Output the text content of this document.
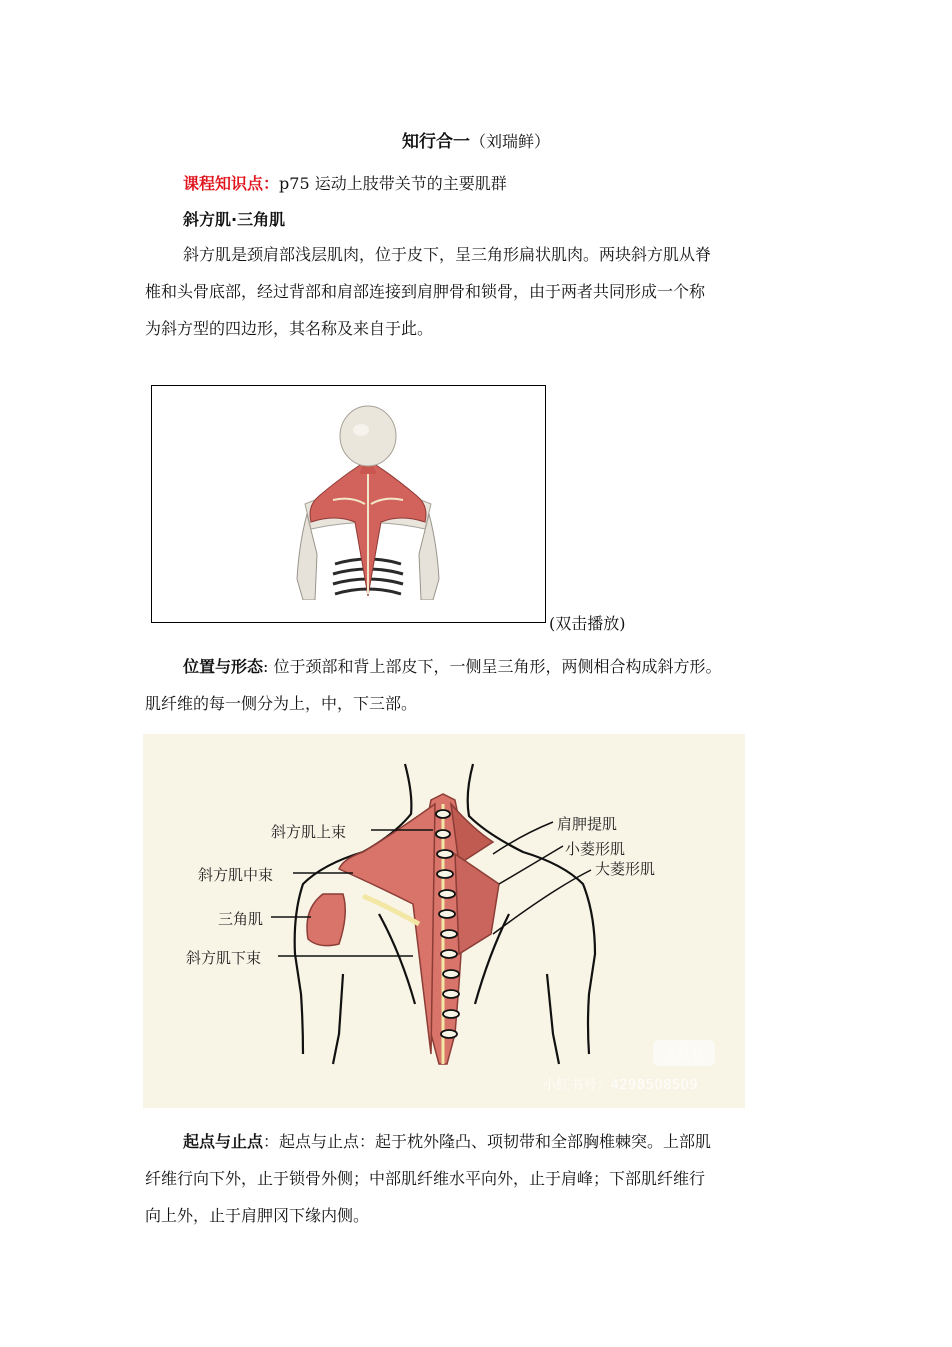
知行合一（刘瑞鲜）
课程知识点：p75 运动上肢带关节的主要肌群
斜方肌·三角肌
斜方肌是颈肩部浅层肌肉，位于皮下，呈三角形扁状肌肉。两块斜方肌从脊
椎和头骨底部，经过背部和肩部连接到肩胛骨和锁骨，由于两者共同形成一个称
为斜方型的四边形，其名称及来自于此。
(双击播放)
位置与形态: 位于颈部和背上部皮下，一侧呈三角形，两侧相合构成斜方形。
肌纤维的每一侧分为上，中，下三部。
斜方肌上束
斜方肌中束
三角肌
斜方肌下束
肩胛提肌
小菱形肌
大菱形肌
小红书
小红书号：4298508509
起点与止点：起点与止点：起于枕外隆凸、项韧带和全部胸椎棘突。上部肌
纤维行向下外，止于锁骨外侧；中部肌纤维水平向外，止于肩峰；下部肌纤维行
向上外，止于肩胛冈下缘内侧。
